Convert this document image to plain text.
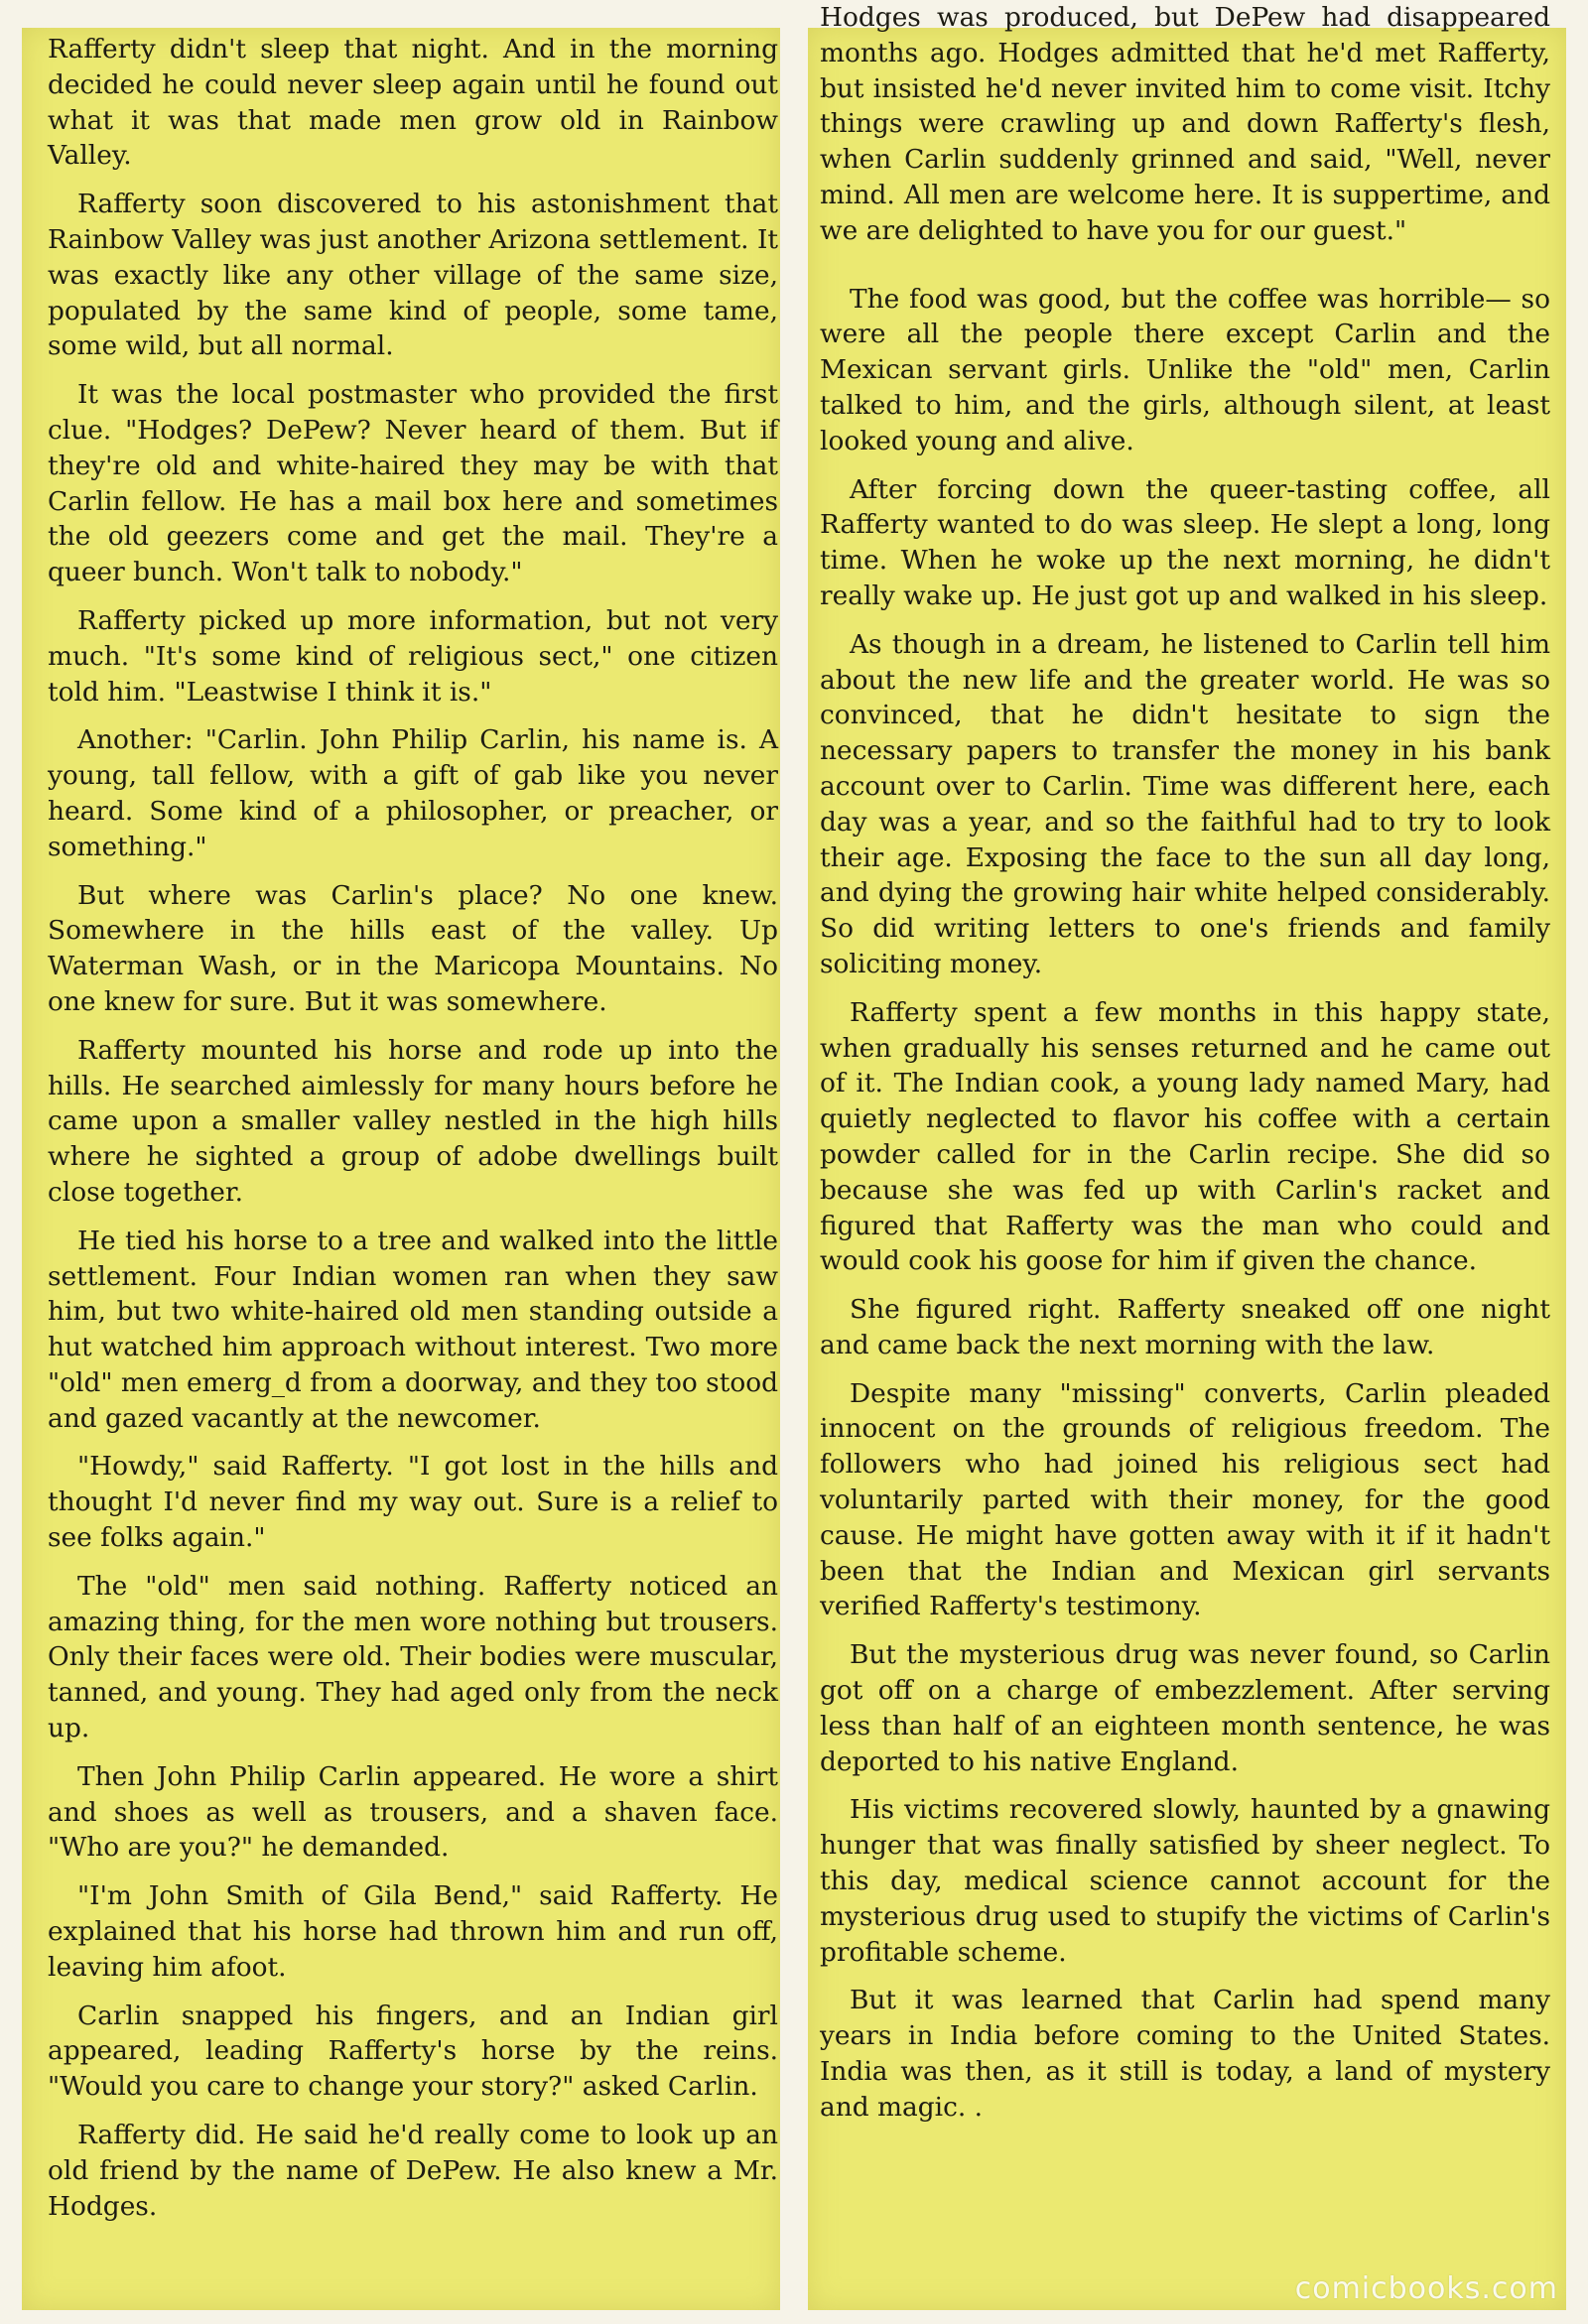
Rafferty didn't sleep that night. And in the morning decided he could never sleep again until he found out what it was that made men grow old in Rainbow Valley.

Rafferty soon discovered to his astonishment that Rainbow Valley was just another Arizona settlement. It was exactly like any other village of the same size, populated by the same kind of people, some tame, some wild, but all normal.

It was the local postmaster who provided the first clue. "Hodges? DePew? Never heard of them. But if they're old and white-haired they may be with that Carlin fellow. He has a mail box here and sometimes the old geezers come and get the mail. They're a queer bunch. Won't talk to nobody."

Rafferty picked up more information, but not very much. "It's some kind of religious sect," one citizen told him. "Leastwise I think it is."

Another: "Carlin. John Philip Carlin, his name is. A young, tall fellow, with a gift of gab like you never heard. Some kind of a philosopher, or preacher, or something."

But where was Carlin's place? No one knew. Somewhere in the hills east of the valley. Up Waterman Wash, or in the Maricopa Mountains. No one knew for sure. But it was somewhere.

Rafferty mounted his horse and rode up into the hills. He searched aimlessly for many hours before he came upon a smaller valley nestled in the high hills where he sighted a group of adobe dwellings built close together.

He tied his horse to a tree and walked into the little settlement. Four Indian women ran when they saw him, but two white-haired old men standing outside a hut watched him approach without interest. Two more "old" men emerg_d from a doorway, and they too stood and gazed vacantly at the newcomer.

"Howdy," said Rafferty. "I got lost in the hills and thought I'd never find my way out. Sure is a relief to see folks again."

The "old" men said nothing. Rafferty noticed an amazing thing, for the men wore nothing but trousers. Only their faces were old. Their bodies were muscular, tanned, and young. They had aged only from the neck up.

Then John Philip Carlin appeared. He wore a shirt and shoes as well as trousers, and a shaven face. "Who are you?" he demanded.

"I'm John Smith of Gila Bend," said Rafferty. He explained that his horse had thrown him and run off, leaving him afoot.

Carlin snapped his fingers, and an Indian girl appeared, leading Rafferty's horse by the reins. "Would you care to change your story?" asked Carlin.

Rafferty did. He said he'd really come to look up an old friend by the name of DePew. He also knew a Mr. Hodges.

Hodges was produced, but DePew had disappeared months ago. Hodges admitted that he'd met Rafferty, but insisted he'd never invited him to come visit. Itchy things were crawling up and down Rafferty's flesh, when Carlin suddenly grinned and said, "Well, never mind. All men are welcome here. It is suppertime, and we are delighted to have you for our guest."

The food was good, but the coffee was horrible— so were all the people there except Carlin and the Mexican servant girls. Unlike the "old" men, Carlin talked to him, and the girls, although silent, at least looked young and alive.

After forcing down the queer-tasting coffee, all Rafferty wanted to do was sleep. He slept a long, long time. When he woke up the next morning, he didn't really wake up. He just got up and walked in his sleep.

As though in a dream, he listened to Carlin tell him about the new life and the greater world. He was so convinced, that he didn't hesitate to sign the necessary papers to transfer the money in his bank account over to Carlin. Time was different here, each day was a year, and so the faithful had to try to look their age. Exposing the face to the sun all day long, and dying the growing hair white helped considerably. So did writing letters to one's friends and family soliciting money.

Rafferty spent a few months in this happy state, when gradually his senses returned and he came out of it. The Indian cook, a young lady named Mary, had quietly neglected to flavor his coffee with a certain powder called for in the Carlin recipe. She did so because she was fed up with Carlin's racket and figured that Rafferty was the man who could and would cook his goose for him if given the chance.

She figured right. Rafferty sneaked off one night and came back the next morning with the law.

Despite many "missing" converts, Carlin pleaded innocent on the grounds of religious freedom. The followers who had joined his religious sect had voluntarily parted with their money, for the good cause. He might have gotten away with it if it hadn't been that the Indian and Mexican girl servants verified Rafferty's testimony.

But the mysterious drug was never found, so Carlin got off on a charge of embezzlement. After serving less than half of an eighteen month sentence, he was deported to his native England.

His victims recovered slowly, haunted by a gnawing hunger that was finally satisfied by sheer neglect. To this day, medical science cannot account for the mysterious drug used to stupify the victims of Carlin's profitable scheme.

But it was learned that Carlin had spend many years in India before coming to the United States. India was then, as it still is today, a land of mystery and magic. .

comicbooks.com
